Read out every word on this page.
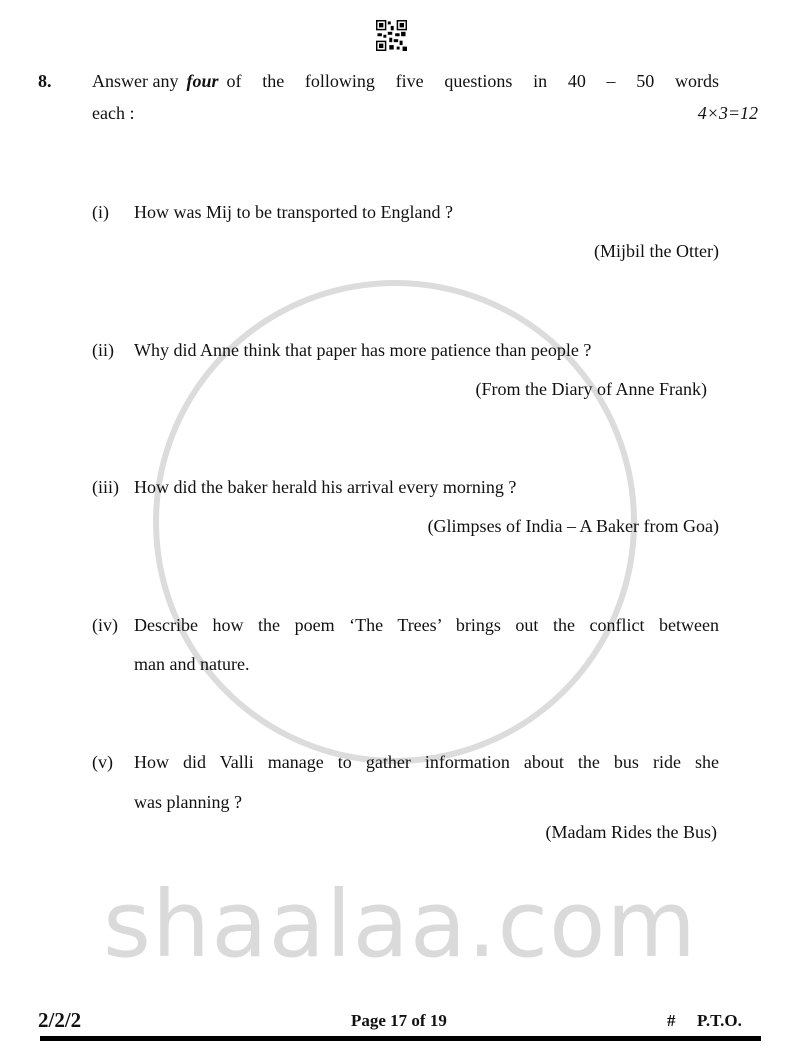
shaalaa.com
8. Answer any four of the following five questions in 40 – 50 words
each :	4×3=12
(i) How was Mij to be transported to England ?
(Mijbil the Otter)
(ii) Why did Anne think that paper has more patience than people ?
(From the Diary of Anne Frank)
(iii) How did the baker herald his arrival every morning ?
(Glimpses of India – A Baker from Goa)
(iv) Describe how the poem ‘The Trees’ brings out the conflict between
man and nature.
(v) How did Valli manage to gather information about the bus ride she
was planning ?
(Madam Rides the Bus)
2/2/2	Page 17 of 19	# P.T.O.
